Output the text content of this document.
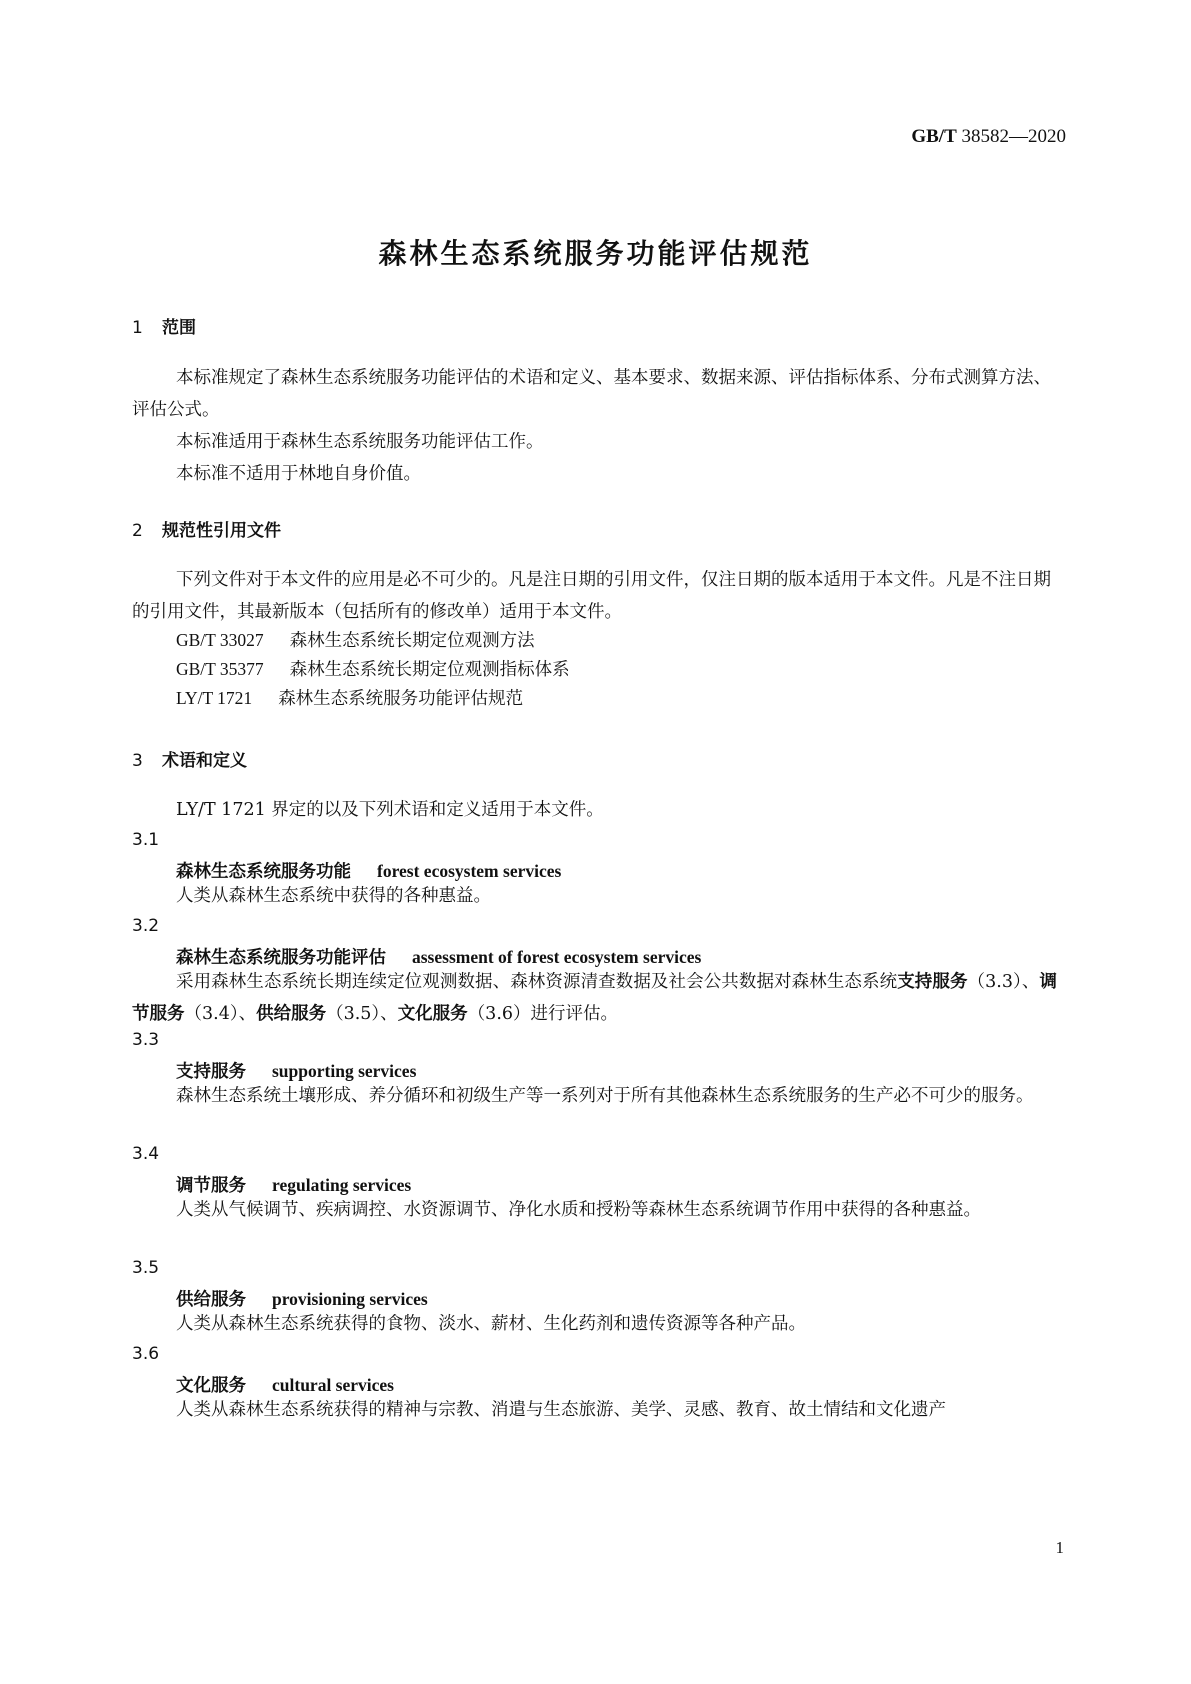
GB/T 38582—2020
森林生态系统服务功能评估规范
1 范围
本标准规定了森林生态系统服务功能评估的术语和定义、基本要求、数据来源、评估指标体系、分布式测算方法、评估公式。
本标准适用于森林生态系统服务功能评估工作。
本标准不适用于林地自身价值。
2 规范性引用文件
下列文件对于本文件的应用是必不可少的。凡是注日期的引用文件，仅注日期的版本适用于本文件。凡是不注日期的引用文件，其最新版本（包括所有的修改单）适用于本文件。
GB/T 33027 森林生态系统长期定位观测方法
GB/T 35377 森林生态系统长期定位观测指标体系
LY/T 1721 森林生态系统服务功能评估规范
3 术语和定义
LY/T 1721 界定的以及下列术语和定义适用于本文件。
3.1
森林生态系统服务功能 forest ecosystem services
人类从森林生态系统中获得的各种惠益。
3.2
森林生态系统服务功能评估 assessment of forest ecosystem services
采用森林生态系统长期连续定位观测数据、森林资源清查数据及社会公共数据对森林生态系统支持服务（3.3）、调节服务（3.4）、供给服务（3.5）、文化服务（3.6）进行评估。
3.3
支持服务 supporting services
森林生态系统土壤形成、养分循环和初级生产等一系列对于所有其他森林生态系统服务的生产必不可少的服务。
3.4
调节服务 regulating services
人类从气候调节、疾病调控、水资源调节、净化水质和授粉等森林生态系统调节作用中获得的各种惠益。
3.5
供给服务 provisioning services
人类从森林生态系统获得的食物、淡水、薪材、生化药剂和遗传资源等各种产品。
3.6
文化服务 cultural services
人类从森林生态系统获得的精神与宗教、消遣与生态旅游、美学、灵感、教育、故土情结和文化遗产
1
